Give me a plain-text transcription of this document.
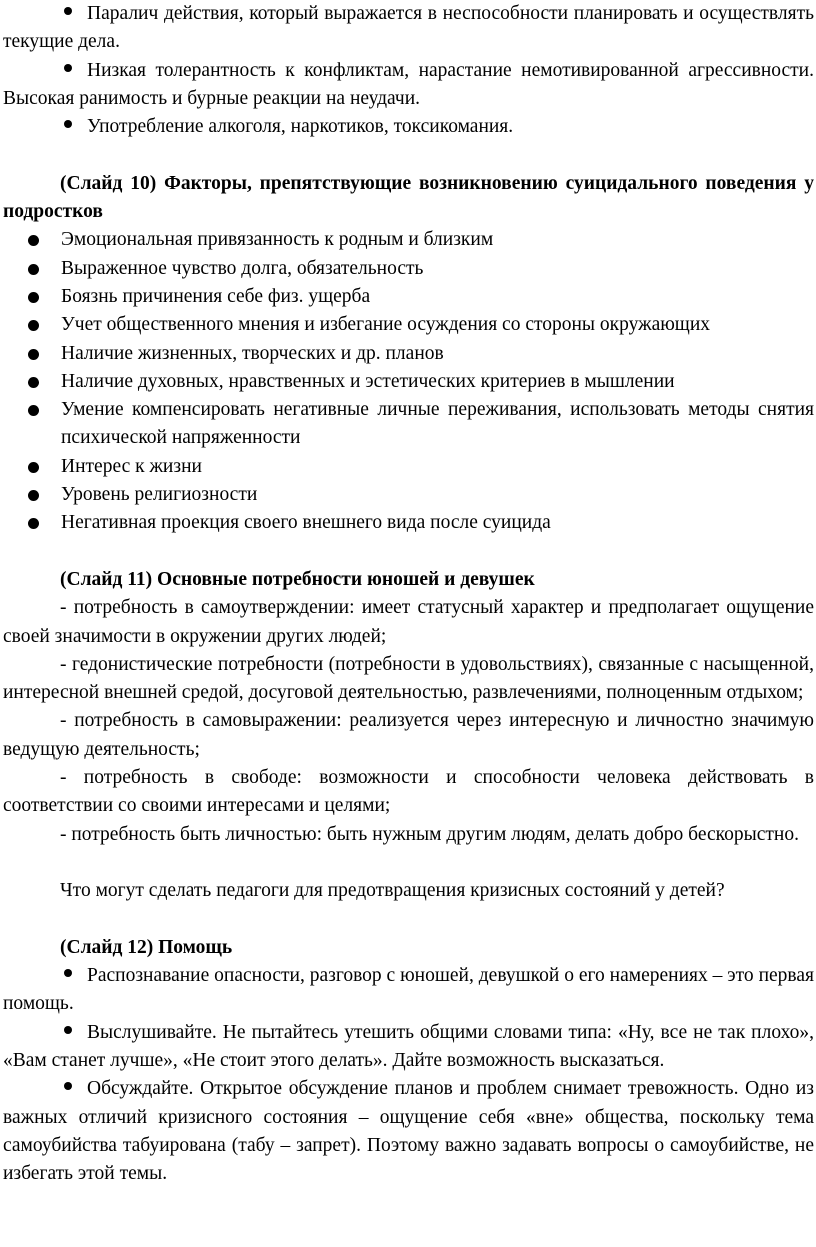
Паралич действия, который выражается в неспособности планировать и осуществлять текущие дела.

Низкая толерантность к конфликтам, нарастание немотивированной агрессивности. Высокая ранимость и бурные реакции на неудачи.

Употребление алкоголя, наркотиков, токсикомания.

(Слайд 10) Факторы, препятствующие возникновению суицидального поведения у подростков

Эмоциональная привязанность к родным и близким
Выраженное чувство долга, обязательность
Боязнь причинения себе физ. ущерба
Учет общественного мнения и избегание осуждения со стороны окружающих
Наличие жизненных, творческих и др. планов
Наличие духовных, нравственных и эстетических критериев в мышлении
Умение компенсировать негативные личные переживания, использовать методы снятия психической напряженности
Интерес к жизни
Уровень религиозности
Негативная проекция своего внешнего вида после суицида

(Слайд 11) Основные потребности юношей и девушек

- потребность в самоутверждении: имеет статусный характер и предполагает ощущение своей значимости в окружении других людей;

- гедонистические потребности (потребности в удовольствиях), связанные с насыщенной, интересной внешней средой, досуговой деятельностью, развлечениями, полноценным отдыхом;

- потребность в самовыражении: реализуется через интересную и личностно значимую ведущую деятельность;

- потребность в свободе: возможности и способности человека действовать в соответствии со своими интересами и целями;

- потребность быть личностью: быть нужным другим людям, делать добро бескорыстно.

Что могут сделать педагоги для предотвращения кризисных состояний у детей?

(Слайд 12) Помощь

Распознавание опасности, разговор с юношей, девушкой о его намерениях – это первая помощь.

Выслушивайте. Не пытайтесь утешить общими словами типа: «Ну, все не так плохо», «Вам станет лучше», «Не стоит этого делать». Дайте возможность высказаться.

Обсуждайте. Открытое обсуждение планов и проблем снимает тревожность. Одно из важных отличий кризисного состояния – ощущение себя «вне» общества, поскольку тема самоубийства табуирована (табу – запрет). Поэтому важно задавать вопросы о самоубийстве, не избегать этой темы.
